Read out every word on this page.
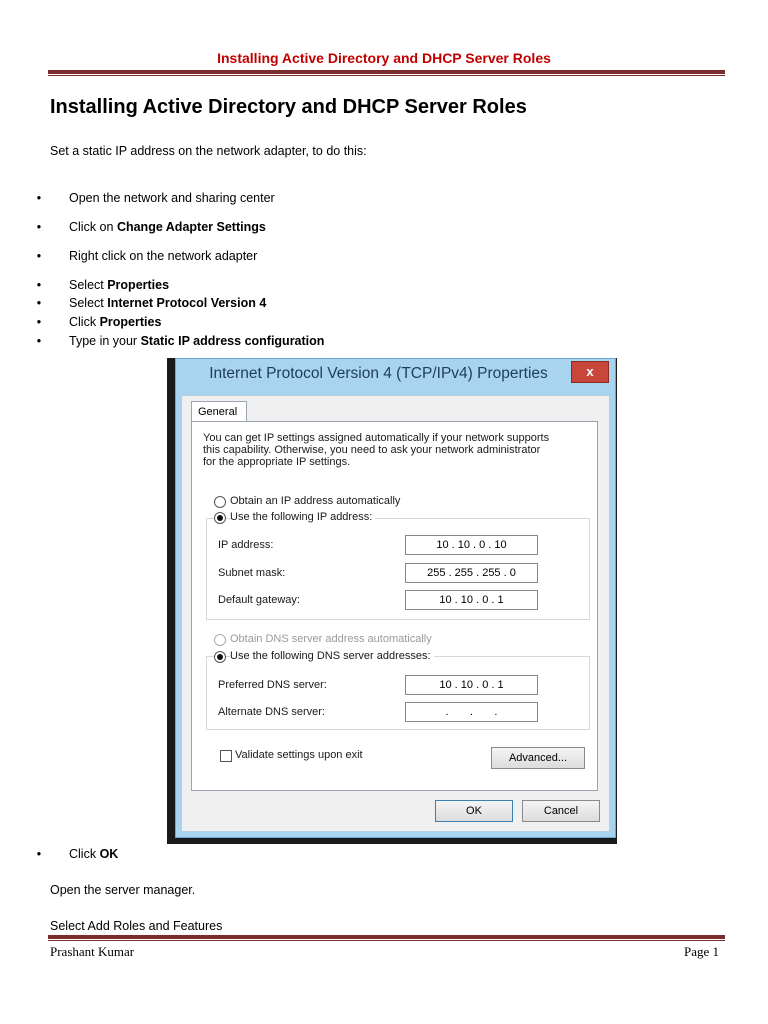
Installing Active Directory and DHCP Server Roles
Installing Active Directory and DHCP Server Roles
Set a static IP address on the network adapter, to do this:
•	Open the network and sharing center
•	Click on Change Adapter Settings
•	Right click on the network adapter
•	Select Properties
•	Select Internet Protocol Version 4
•	Click Properties
•	Type in your Static IP address configuration
Internet Protocol Version 4 (TCP/IPv4) Properties	x
General
You can get IP settings assigned automatically if your network supports
this capability. Otherwise, you need to ask your network administrator
for the appropriate IP settings.
Obtain an IP address automatically
Use the following IP address:
IP address:	10 . 10 . 0 . 10
Subnet mask:	255 . 255 . 255 . 0
Default gateway:	10 . 10 . 0 . 1
Obtain DNS server address automatically
Use the following DNS server addresses:
Preferred DNS server:	10 . 10 . 0 . 1
Alternate DNS server:	.       .       .
Validate settings upon exit	Advanced...
OK	Cancel
•	Click OK
Open the server manager.
Select Add Roles and Features
Prashant Kumar	Page 1
